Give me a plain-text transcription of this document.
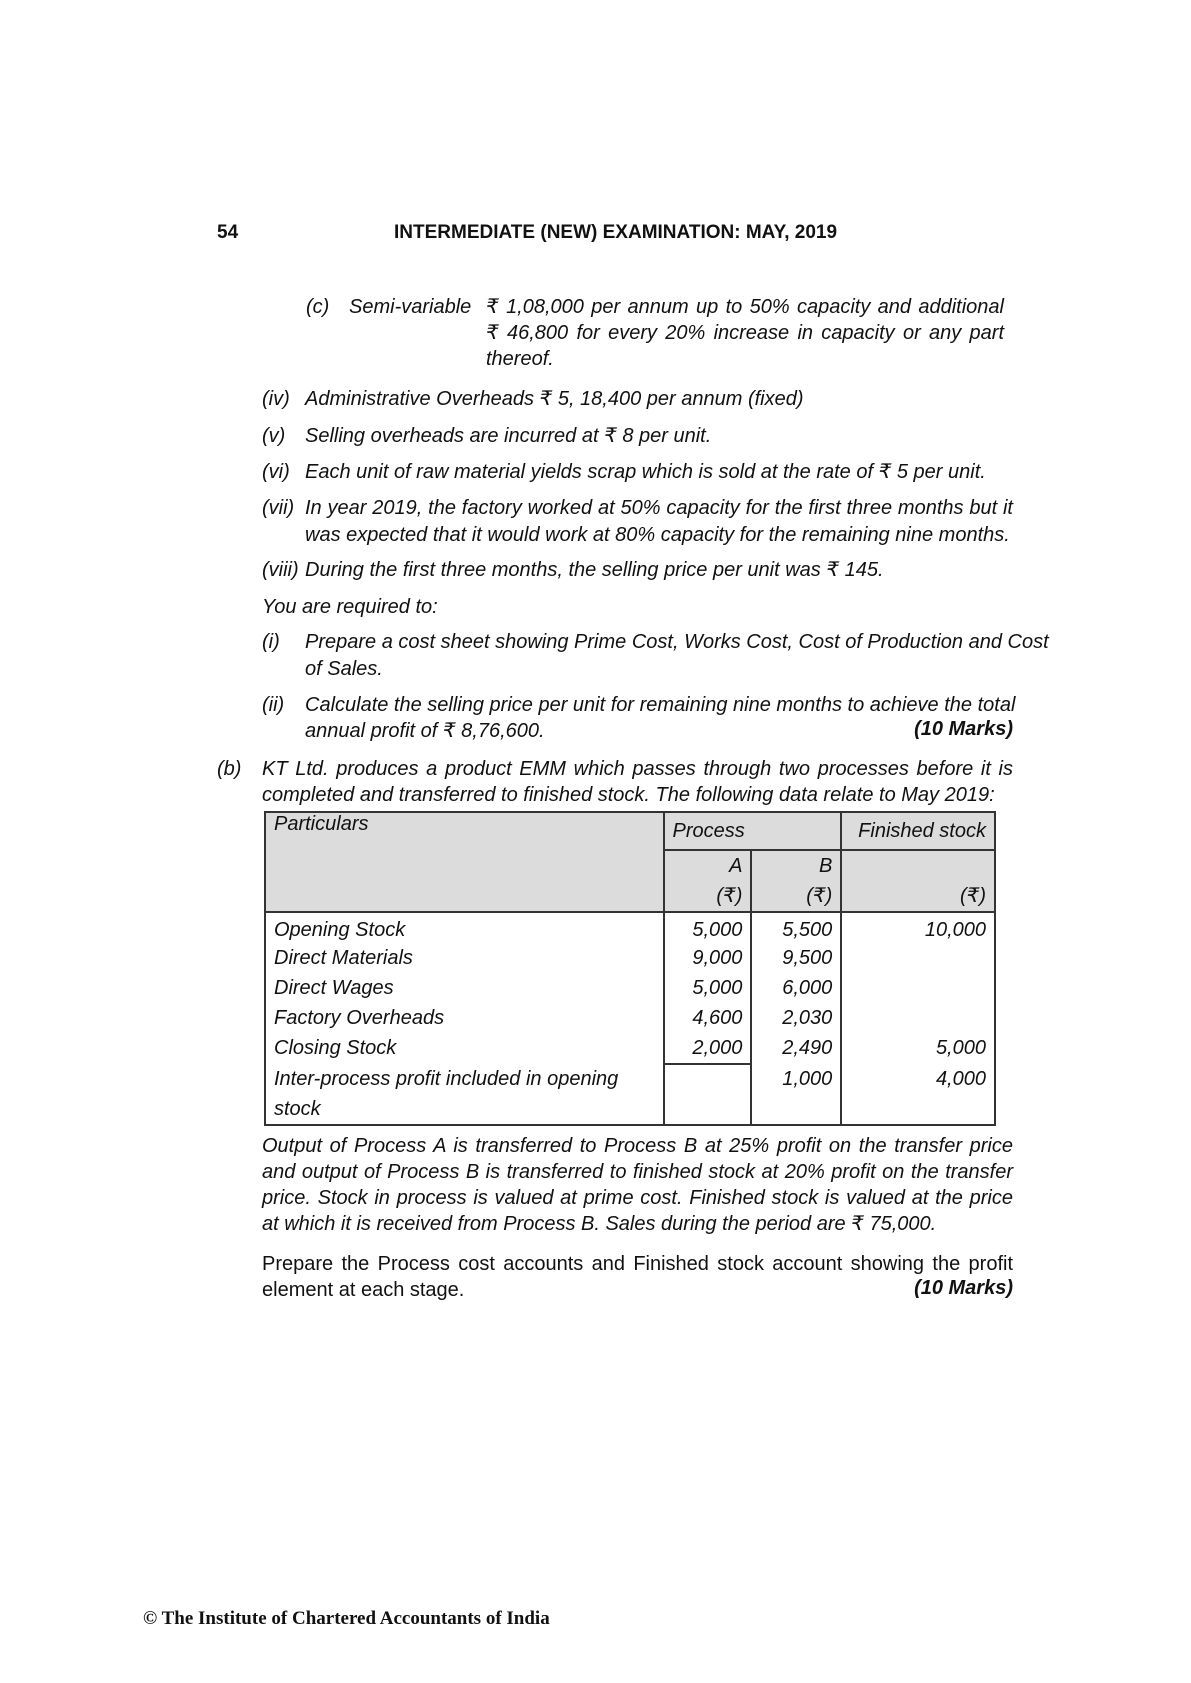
54	INTERMEDIATE (NEW) EXAMINATION: MAY, 2019
(c) Semi-variable ₹ 1,08,000 per annum up to 50% capacity and additional
₹ 46,800 for every 20% increase in capacity or any part
thereof.
(iv) Administrative Overheads ₹ 5, 18,400 per annum (fixed)
(v) Selling overheads are incurred at ₹ 8 per unit.
(vi) Each unit of raw material yields scrap which is sold at the rate of ₹ 5 per unit.
(vii) In year 2019, the factory worked at 50% capacity for the first three months but it
was expected that it would work at 80% capacity for the remaining nine months.
(viii) During the first three months, the selling price per unit was ₹ 145.
You are required to:
(i) Prepare a cost sheet showing Prime Cost, Works Cost, Cost of Production and Cost
of Sales.
(ii) Calculate the selling price per unit for remaining nine months to achieve the total
annual profit of ₹ 8,76,600.	(10 Marks)
(b) KT Ltd. produces a product EMM which passes through two processes before it is
completed and transferred to finished stock. The following data relate to May 2019:
Particulars	Process		Finished stock
	A	B	
	(₹)	(₹)	(₹)
Opening Stock	5,000	5,500	10,000
Direct Materials	9,000	9,500	
Direct Wages	5,000	6,000	
Factory Overheads	4,600	2,030	
Closing Stock	2,000	2,490	5,000
Inter-process profit included in opening stock		1,000	4,000
Output of Process A is transferred to Process B at 25% profit on the transfer price and output of Process B is transferred to finished stock at 20% profit on the transfer price. Stock in process is valued at prime cost. Finished stock is valued at the price at which it is received from Process B. Sales during the period are ₹ 75,000.
Prepare the Process cost accounts and Finished stock account showing the profit element at each stage.	(10 Marks)
© The Institute of Chartered Accountants of India
